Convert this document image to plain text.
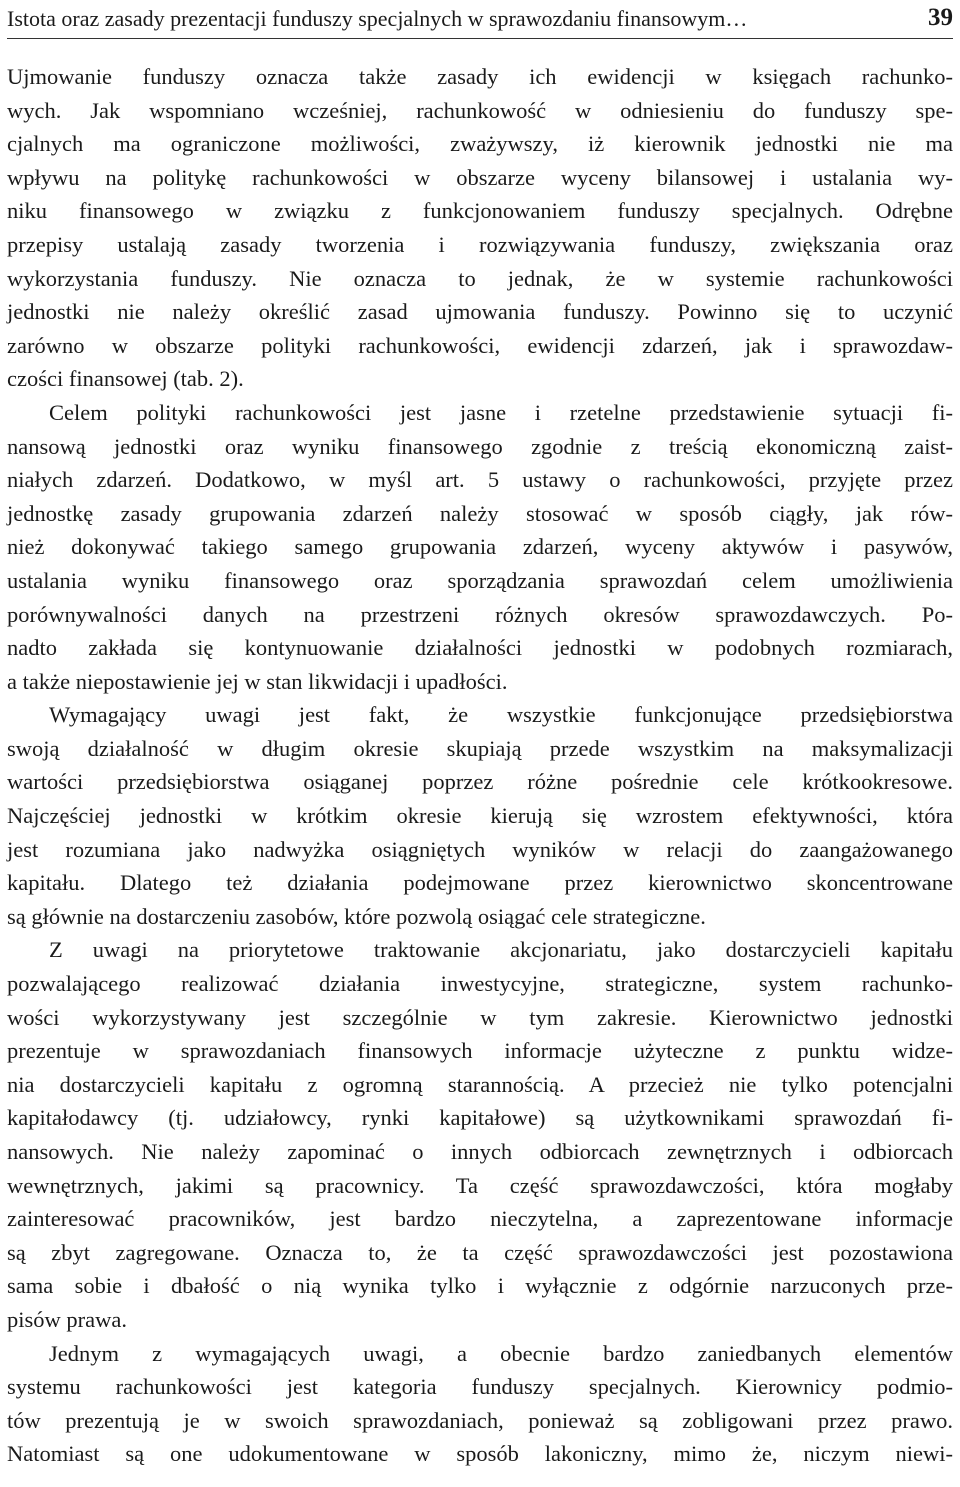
Istota oraz zasady prezentacji funduszy specjalnych w sprawozdaniu finansowym…	39
Ujmowanie funduszy oznacza także zasady ich ewidencji w księgach rachunko-
wych. Jak wspomniano wcześniej, rachunkowość w odniesieniu do funduszy spe-
cjalnych ma ograniczone możliwości, zważywszy, iż kierownik jednostki nie ma
wpływu na politykę rachunkowości w obszarze wyceny bilansowej i ustalania wy-
niku finansowego w związku z funkcjonowaniem funduszy specjalnych. Odrębne
przepisy ustalają zasady tworzenia i rozwiązywania funduszy, zwiększania oraz
wykorzystania funduszy. Nie oznacza to jednak, że w systemie rachunkowości
jednostki nie należy określić zasad ujmowania funduszy. Powinno się to uczynić
zarówno w obszarze polityki rachunkowości, ewidencji zdarzeń, jak i sprawozdaw-
czości finansowej (tab. 2).
Celem polityki rachunkowości jest jasne i rzetelne przedstawienie sytuacji fi-
nansową jednostki oraz wyniku finansowego zgodnie z treścią ekonomiczną zaist-
niałych zdarzeń. Dodatkowo, w myśl art. 5 ustawy o rachunkowości, przyjęte przez
jednostkę zasady grupowania zdarzeń należy stosować w sposób ciągły, jak rów-
nież dokonywać takiego samego grupowania zdarzeń, wyceny aktywów i pasywów,
ustalania wyniku finansowego oraz sporządzania sprawozdań celem umożliwienia
porównywalności danych na przestrzeni różnych okresów sprawozdawczych. Po-
nadto zakłada się kontynuowanie działalności jednostki w podobnych rozmiarach,
a także niepostawienie jej w stan likwidacji i upadłości.
Wymagający uwagi jest fakt, że wszystkie funkcjonujące przedsiębiorstwa
swoją działalność w długim okresie skupiają przede wszystkim na maksymalizacji
wartości przedsiębiorstwa osiąganej poprzez różne pośrednie cele krótkookresowe.
Najczęściej jednostki w krótkim okresie kierują się wzrostem efektywności, która
jest rozumiana jako nadwyżka osiągniętych wyników w relacji do zaangażowanego
kapitału. Dlatego też działania podejmowane przez kierownictwo skoncentrowane
są głównie na dostarczeniu zasobów, które pozwolą osiągać cele strategiczne.
Z uwagi na priorytetowe traktowanie akcjonariatu, jako dostarczycieli kapitału
pozwalającego realizować działania inwestycyjne, strategiczne, system rachunko-
wości wykorzystywany jest szczególnie w tym zakresie. Kierownictwo jednostki
prezentuje w sprawozdaniach finansowych informacje użyteczne z punktu widze-
nia dostarczycieli kapitału z ogromną starannością. A przecież nie tylko potencjalni
kapitałodawcy (tj. udziałowcy, rynki kapitałowe) są użytkownikami sprawozdań fi-
nansowych. Nie należy zapominać o innych odbiorcach zewnętrznych i odbiorcach
wewnętrznych, jakimi są pracownicy. Ta część sprawozdawczości, która mogłaby
zainteresować pracowników, jest bardzo nieczytelna, a zaprezentowane informacje
są zbyt zagregowane. Oznacza to, że ta część sprawozdawczości jest pozostawiona
sama sobie i dbałość o nią wynika tylko i wyłącznie z odgórnie narzuconych prze-
pisów prawa.
Jednym z wymagających uwagi, a obecnie bardzo zaniedbanych elementów
systemu rachunkowości jest kategoria funduszy specjalnych. Kierownicy podmio-
tów prezentują je w swoich sprawozdaniach, ponieważ są zobligowani przez prawo.
Natomiast są one udokumentowane w sposób lakoniczny, mimo że, niczym niewi-
